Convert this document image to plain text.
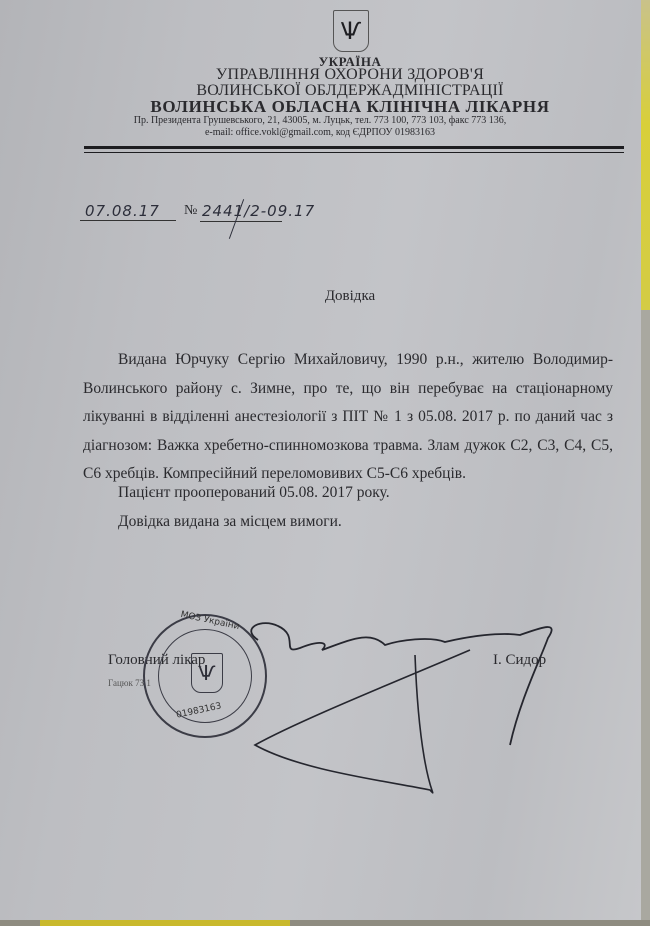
Ѱ
УКРАЇНА
УПРАВЛІННЯ ОХОРОНИ ЗДОРОВ'Я
ВОЛИНСЬКОЇ ОБЛДЕРЖАДМІНІСТРАЦІЇ
ВОЛИНСЬКА ОБЛАСНА КЛІНІЧНА ЛІКАРНЯ
Пр. Президента Грушевського, 21, 43005, м. Луцьк, тел. 773 100, 773 103, факс 773 136,
e-mail: office.vokl@gmail.com, код ЄДРПОУ 01983163
07.08.17 № 2441/2-09.17
Довідка
Видана Юрчуку Сергію Михайловичу, 1990 р.н., жителю Володимир-Волинського району с. Зимне, про те, що він перебуває на стаціонарному лікуванні в відділенні анестезіології з ПІТ № 1 з 05.08. 2017 р. по даний час з діагнозом: Важка хребетно-спинномозкова травма. Злам дужок С2, С3, С4, С5, С6 хребців. Компресійний переломовивих С5-С6 хребців.
Пацієнт прооперований 05.08. 2017 року.
Довідка видана за місцем вимоги.
Головний лікар
Гацюк 73 1
І. Сидор
МОЗ України
Ѱ
01983163
